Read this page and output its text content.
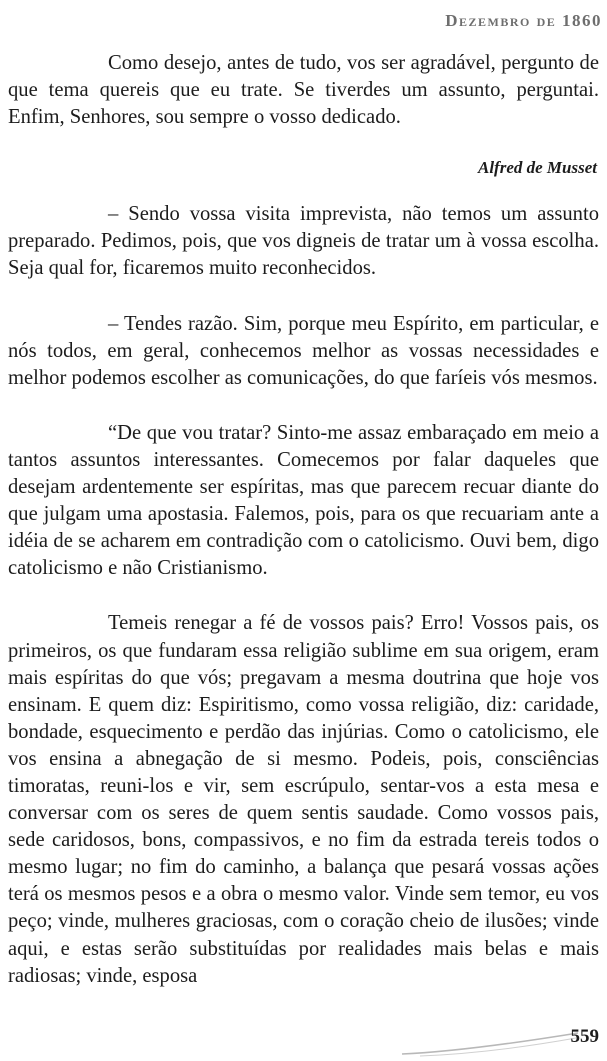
Dezembro de 1860

Como desejo, antes de tudo, vos ser agradável, pergunto de que tema quereis que eu trate. Se tiverdes um assunto, perguntai. Enfim, Senhores, sou sempre o vosso dedicado.

Alfred de Musset

– Sendo vossa visita imprevista, não temos um assunto preparado. Pedimos, pois, que vos digneis de tratar um à vossa escolha. Seja qual for, ficaremos muito reconhecidos.

– Tendes razão. Sim, porque meu Espírito, em particular, e nós todos, em geral, conhecemos melhor as vossas necessidades e melhor podemos escolher as comunicações, do que faríeis vós mesmos.

“De que vou tratar? Sinto-me assaz embaraçado em meio a tantos assuntos interessantes. Comecemos por falar daqueles que desejam ardentemente ser espíritas, mas que parecem recuar diante do que julgam uma apostasia. Falemos, pois, para os que recuariam ante a idéia de se acharem em contradição com o catolicismo. Ouvi bem, digo catolicismo e não Cristianismo.

Temeis renegar a fé de vossos pais? Erro! Vossos pais, os primeiros, os que fundaram essa religião sublime em sua origem, eram mais espíritas do que vós; pregavam a mesma doutrina que hoje vos ensinam. E quem diz: Espiritismo, como vossa religião, diz: caridade, bondade, esquecimento e perdão das injúrias. Como o catolicismo, ele vos ensina a abnegação de si mesmo. Podeis, pois, consciências timoratas, reuni-los e vir, sem escrúpulo, sentar-vos a esta mesa e conversar com os seres de quem sentis saudade. Como vossos pais, sede caridosos, bons, compassivos, e no fim da estrada tereis todos o mesmo lugar; no fim do caminho, a balança que pesará vossas ações terá os mesmos pesos e a obra o mesmo valor. Vinde sem temor, eu vos peço; vinde, mulheres graciosas, com o coração cheio de ilusões; vinde aqui, e estas serão substituídas por realidades mais belas e mais radiosas; vinde, esposa

559
